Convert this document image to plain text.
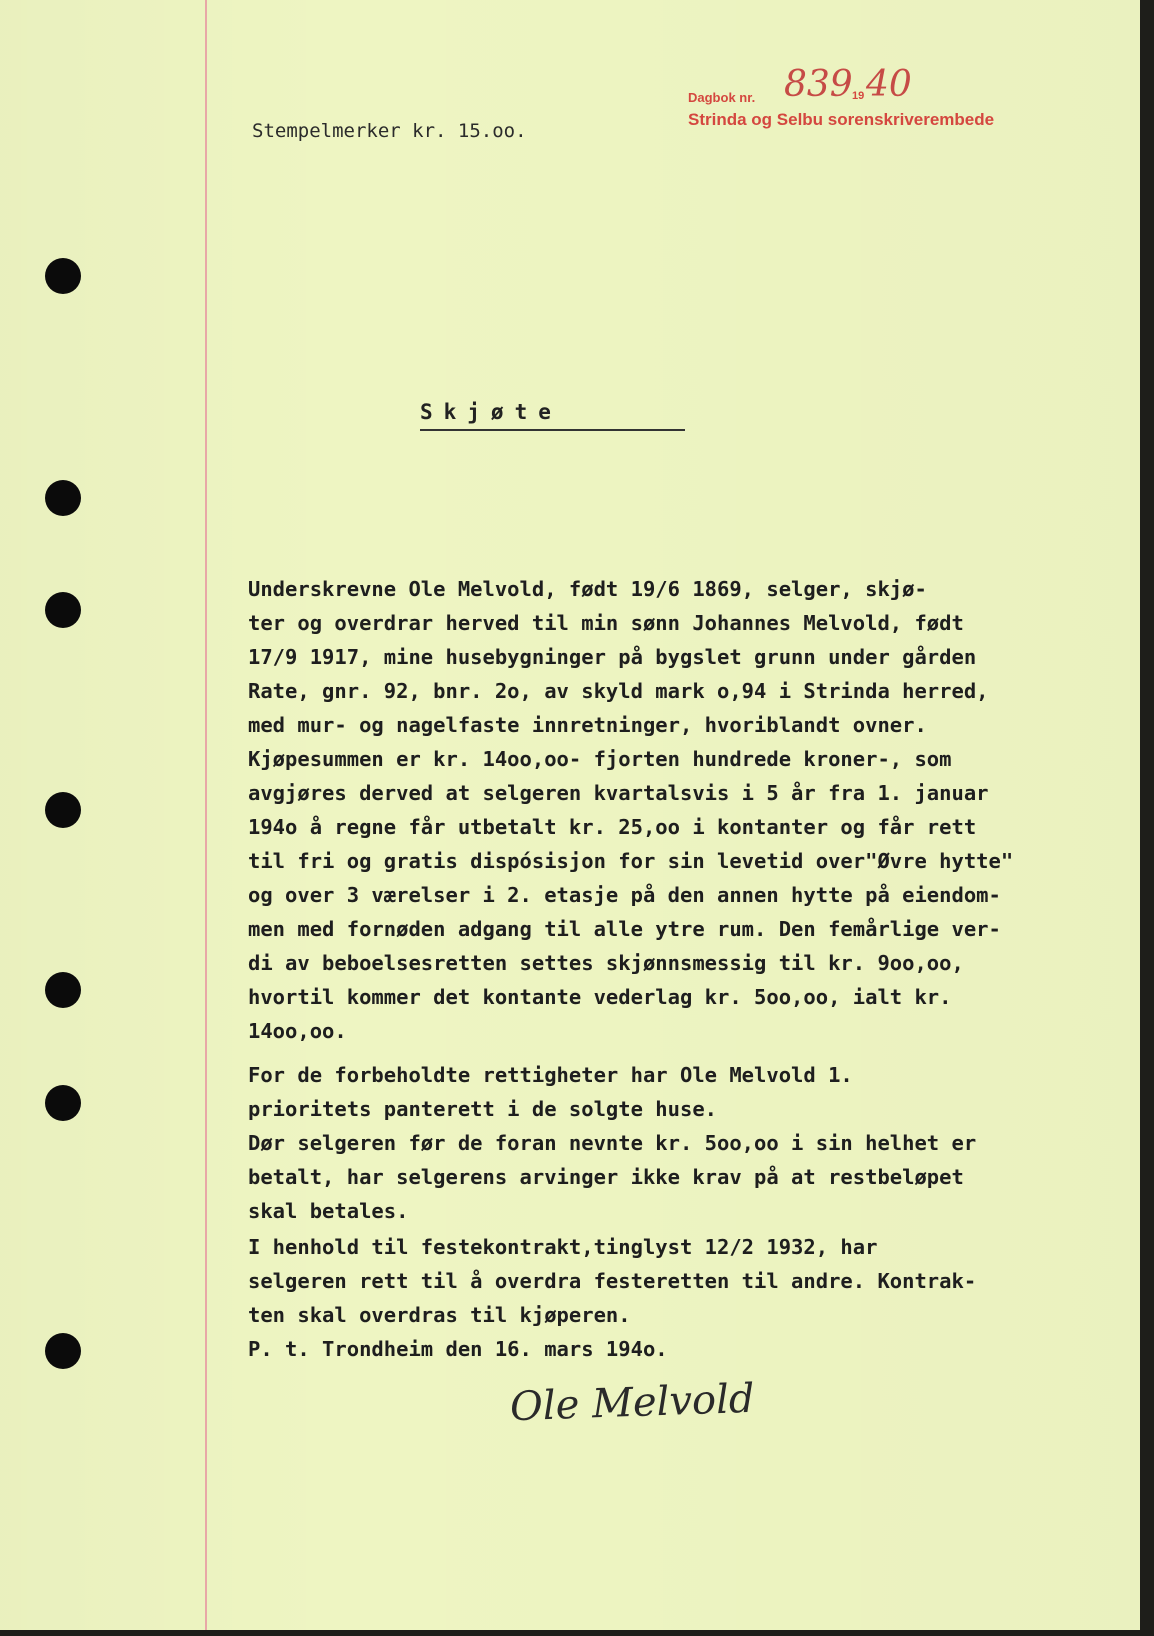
Dagbok nr. 839 19 40
Strinda og Selbu sorenskriverembede
Stempelmerker kr. 15.oo.
Skjøte
Underskrevne Ole Melvold, født 19/6 1869, selger, skjø-
ter og overdrar herved til min sønn Johannes Melvold, født
17/9 1917, mine husebygninger på bygslet grunn under gården
Rate, gnr. 92, bnr. 2o, av skyld mark o,94 i Strinda herred,
med mur- og nagelfaste innretninger, hvoriblandt ovner.
Kjøpesummen er kr. 14oo,oo- fjorten hundrede kroner-, som
avgjøres derved at selgeren kvartalsvis i 5 år fra 1. januar
194o å regne får utbetalt kr. 25,oo i kontanter og får rett
til fri og gratis dispósisjon for sin levetid over"Øvre hytte"
og over 3 værelser i 2. etasje på den annen hytte på eiendom-
men med fornøden adgang til alle ytre rum. Den femårlige ver-
di av beboelsesretten settes skjønnsmessig til kr. 9oo,oo,
hvortil kommer det kontante vederlag kr. 5oo,oo, ialt kr.
14oo,oo.
For de forbeholdte rettigheter har Ole Melvold 1.
prioritets panterett i de solgte huse.
Dør selgeren før de foran nevnte kr. 5oo,oo i sin helhet er
betalt, har selgerens arvinger ikke krav på at restbeløpet
skal betales.
I henhold til festekontrakt,tinglyst 12/2 1932, har
selgeren rett til å overdra festeretten til andre. Kontrak-
ten skal overdras til kjøperen.
P. t. Trondheim den 16. mars 194o.
Ole Melvold
